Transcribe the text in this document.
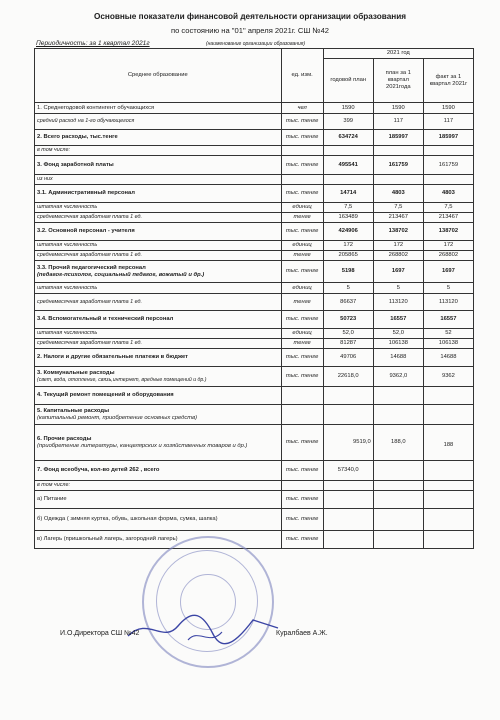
Основные показатели финансовой деятельности организации образования
по состоянию на "01" апреля 2021г. СШ №42
Периодичность: за 1 квартал 2021г	(наименование организации образования)
Среднее образование	ед. изм.	2021 год		
		годовой план	план за 1 квартал 2021года	факт за 1 квартал 2021г
1. Среднегодовой контингент обучающихся	чел	1590	1590	1590
средний расход на 1-го обучающегося	тыс. тенге	399	117	117
2. Всего расходы, тыс.тенге	тыс. тенге	634724	185997	185997
в том числе:				
3. Фонд заработной платы	тыс. тенге	495541	161759	161759
из них				
3.1. Административный персонал	тыс. тенге	14714	4803	4803
штатная численность	единиц	7,5	7,5	7,5
среднемесячная заработная плата 1 ед.	тенге	163489	213467	213467
3.2. Основной персонал - учителя	тыс. тенге	424906	138702	138702
штатная численность	единиц	172	172	172
среднемесячная заработная плата 1 ед.	тенге	205865	268802	268802

3.3. Прочий педагогический персонал
(педагог-психолог, социальный педагог, вожатый и др.)	тыс. тенге	5198	1697	1697
штатная численность	единиц	5	5	5
среднемесячная заработная плата 1 ед.	тенге	86637	113120	113120
3.4. Вспомогательный и технический персонал	тыс. тенге	50723	16557	16557
штатная численность	единиц	52,0	52,0	52
среднемесячная заработная плата 1 ед.	тенге	81287	106138	106138
2. Налоги и другие обязательные платежи в бюджет	тыс. тенге	49706	14688	14688

3. Коммунальные расходы
(свет, вода, отопление, связь,интернет, вредные помещений и др.)	тыс. тенге	22618,0	9362,0	9362
4. Текущий ремонт помещений и оборудования				

5. Капитальные расходы
(капитальный ремонт, приобретение основных средств)				

6. Прочие расходы
(приобретение литературы, канцелярских и хозяйственных товаров и др.)	тыс. тенге	9519,0	188,0	188
7. Фонд всеобуча, кол-во детей 262 , всего	тыс. тенге	57340,0		
в том числе:				
а) Питание	тыс. тенге			
б) Одежда ( зимняя куртка, обувь, школьная форма, сумка, шапка)	тыс. тенге			
в) Лагерь (пришкольный лагерь, загородний лагерь)	тыс. тенге			
И.О.Директора СШ №42	Куралбаев А.Ж.
